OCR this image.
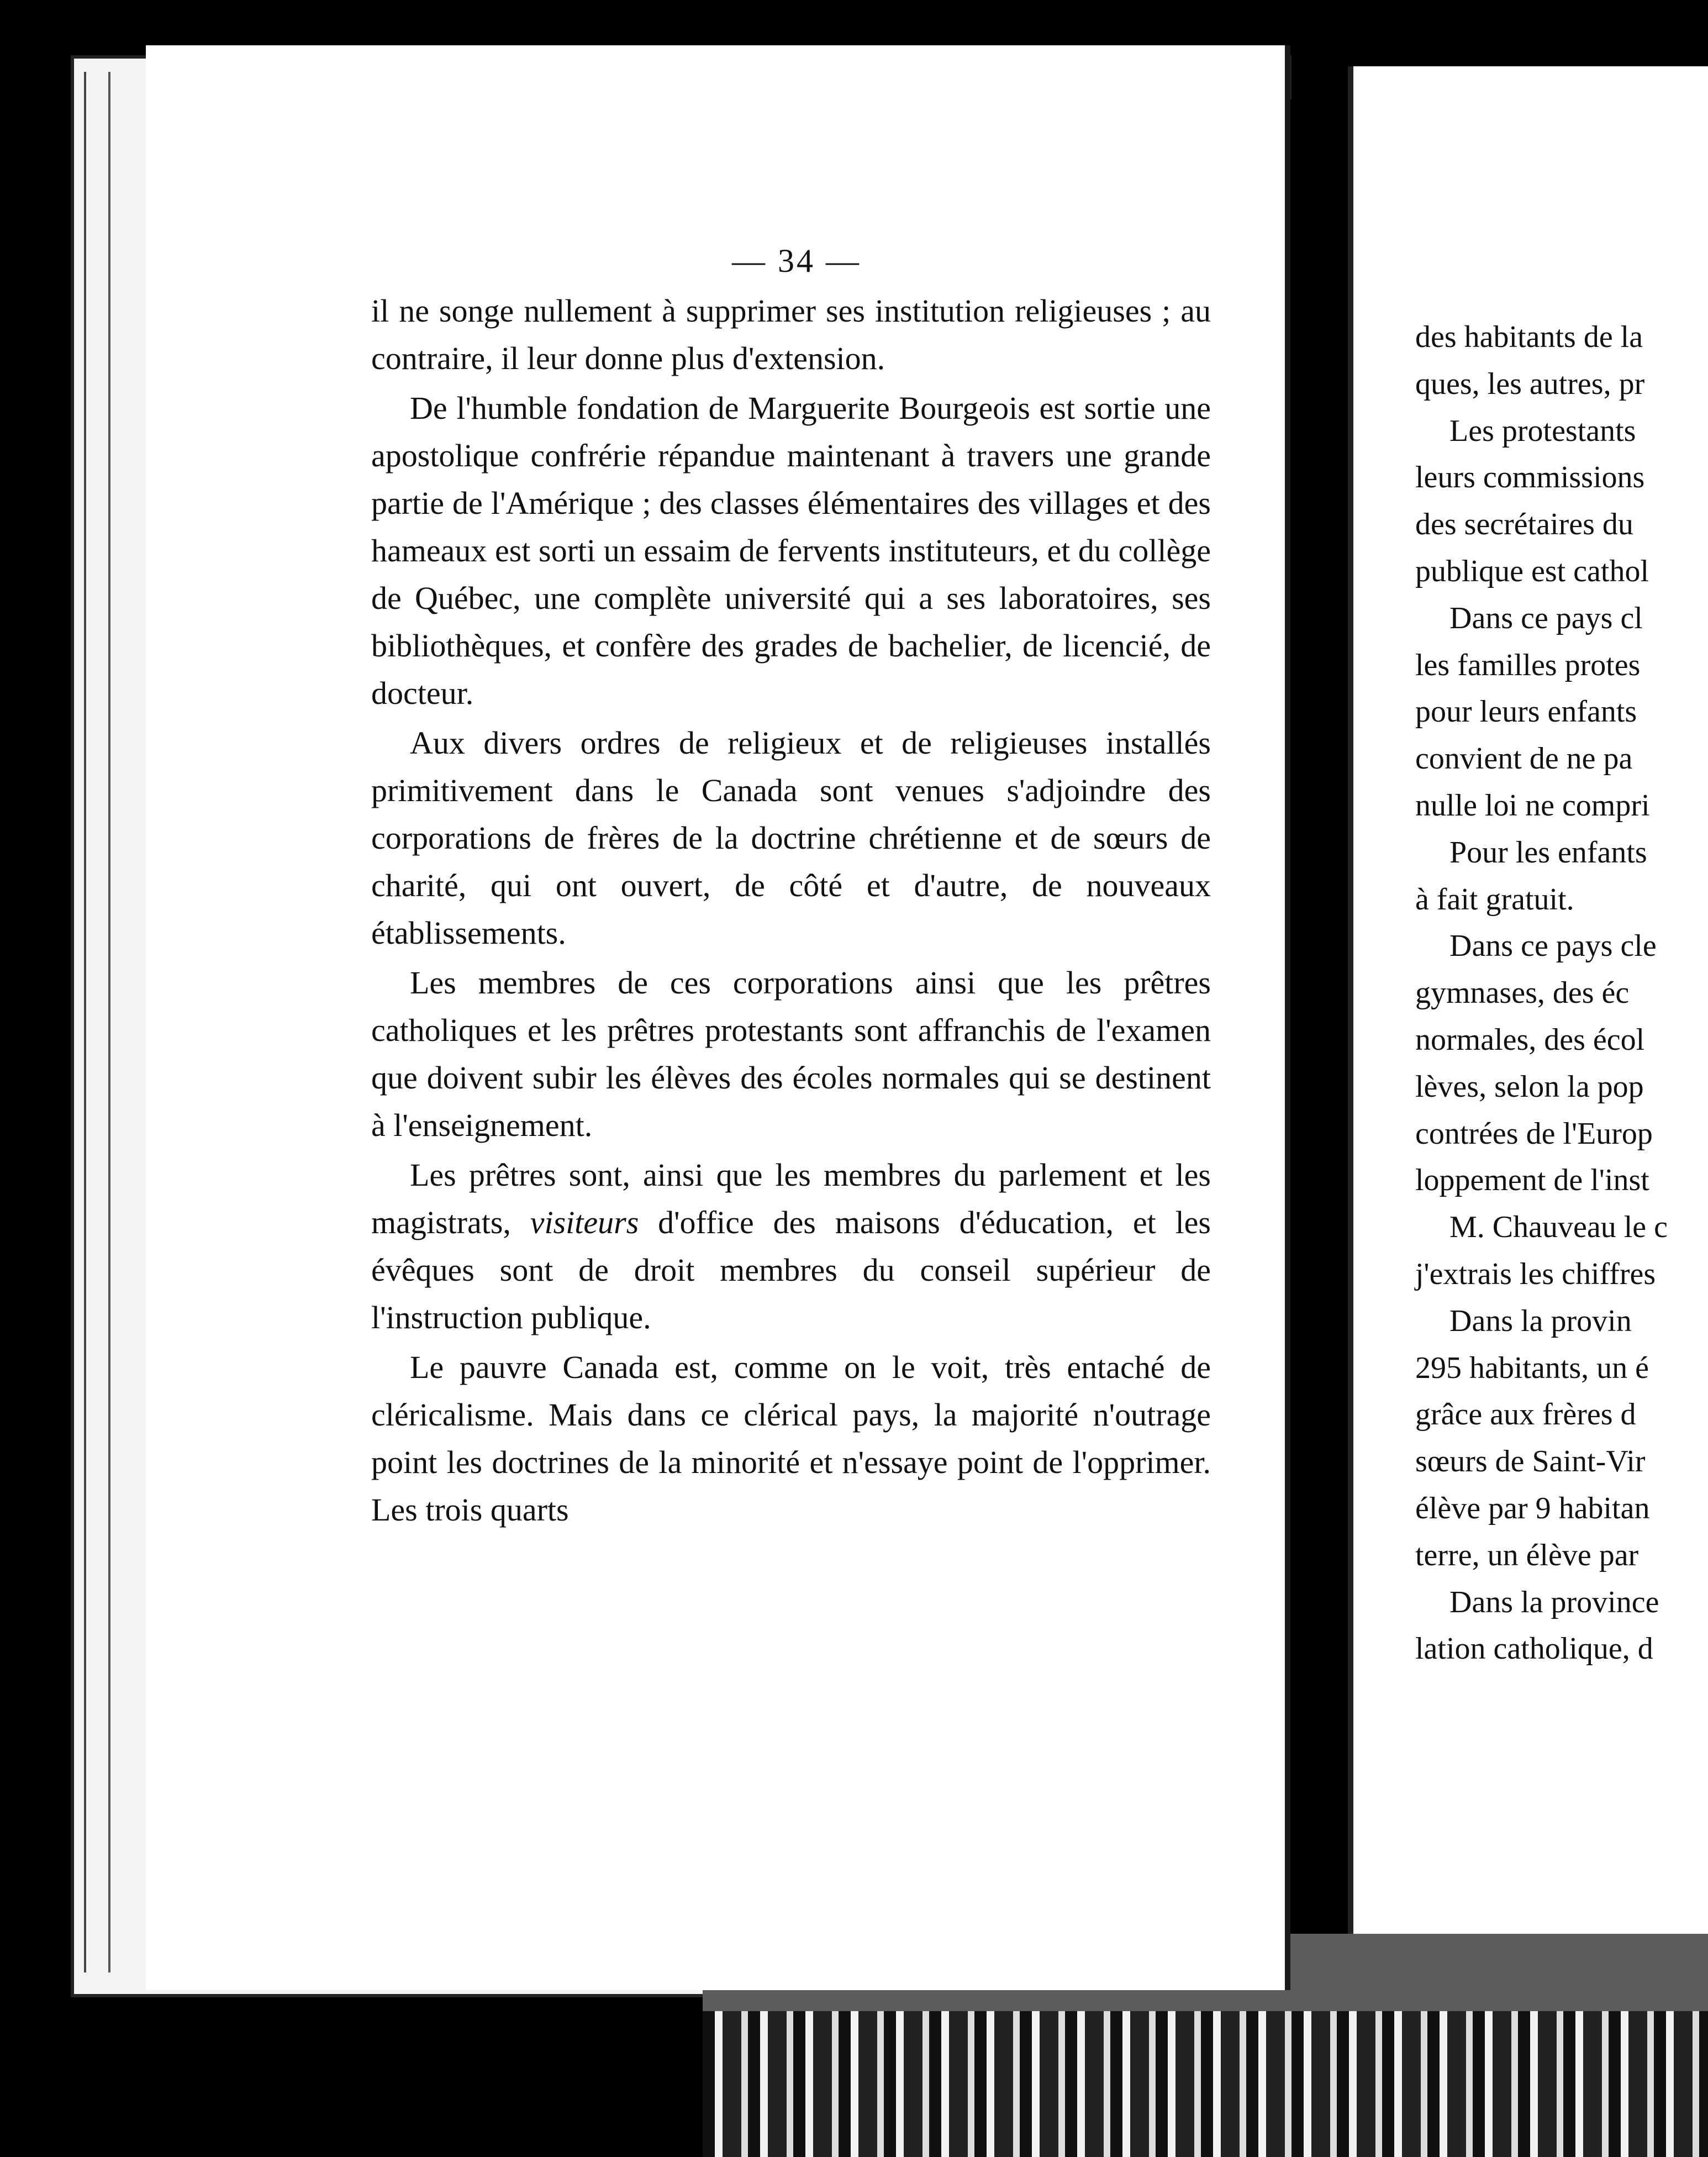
— 34 —

il ne songe nullement à supprimer ses institution religieuses ; au contraire, il leur donne plus d'extension.

De l'humble fondation de Marguerite Bourgeois est sortie une apostolique confrérie répandue maintenant à travers une grande partie de l'Amérique ; des classes élémentaires des villages et des hameaux est sorti un essaim de fervents instituteurs, et du collège de Québec, une complète université qui a ses laboratoires, ses bibliothèques, et confère des grades de bachelier, de licencié, de docteur.

Aux divers ordres de religieux et de religieuses installés primitivement dans le Canada sont venues s'adjoindre des corporations de frères de la doctrine chrétienne et de sœurs de charité, qui ont ouvert, de côté et d'autre, de nouveaux établissements.

Les membres de ces corporations ainsi que les prêtres catholiques et les prêtres protestants sont affranchis de l'examen que doivent subir les élèves des écoles normales qui se destinent à l'enseignement.

Les prêtres sont, ainsi que les membres du parlement et les magistrats, visiteurs d'office des maisons d'éducation, et les évêques sont de droit membres du conseil supérieur de l'instruction publique.

Le pauvre Canada est, comme on le voit, très entaché de cléricalisme. Mais dans ce clérical pays, la majorité n'outrage point les doctrines de la minorité et n'essaye point de l'opprimer. Les trois quarts

des habitants de la
ques, les autres, pr
Les protestants
leurs commissions
des secrétaires du
publique est cathol
Dans ce pays cl
les familles protes
pour leurs enfants
convient de ne pa
nulle loi ne compri
Pour les enfants
à fait gratuit.
Dans ce pays cle
gymnases, des éc
normales, des écol
lèves, selon la pop
contrées de l'Europ
loppement de l'inst
M. Chauveau le c
j'extrais les chiffres
Dans la provin
295 habitants, un é
grâce aux frères d
sœurs de Saint-Vir
élève par 9 habitan
terre, un élève par
Dans la province
lation catholique, d
